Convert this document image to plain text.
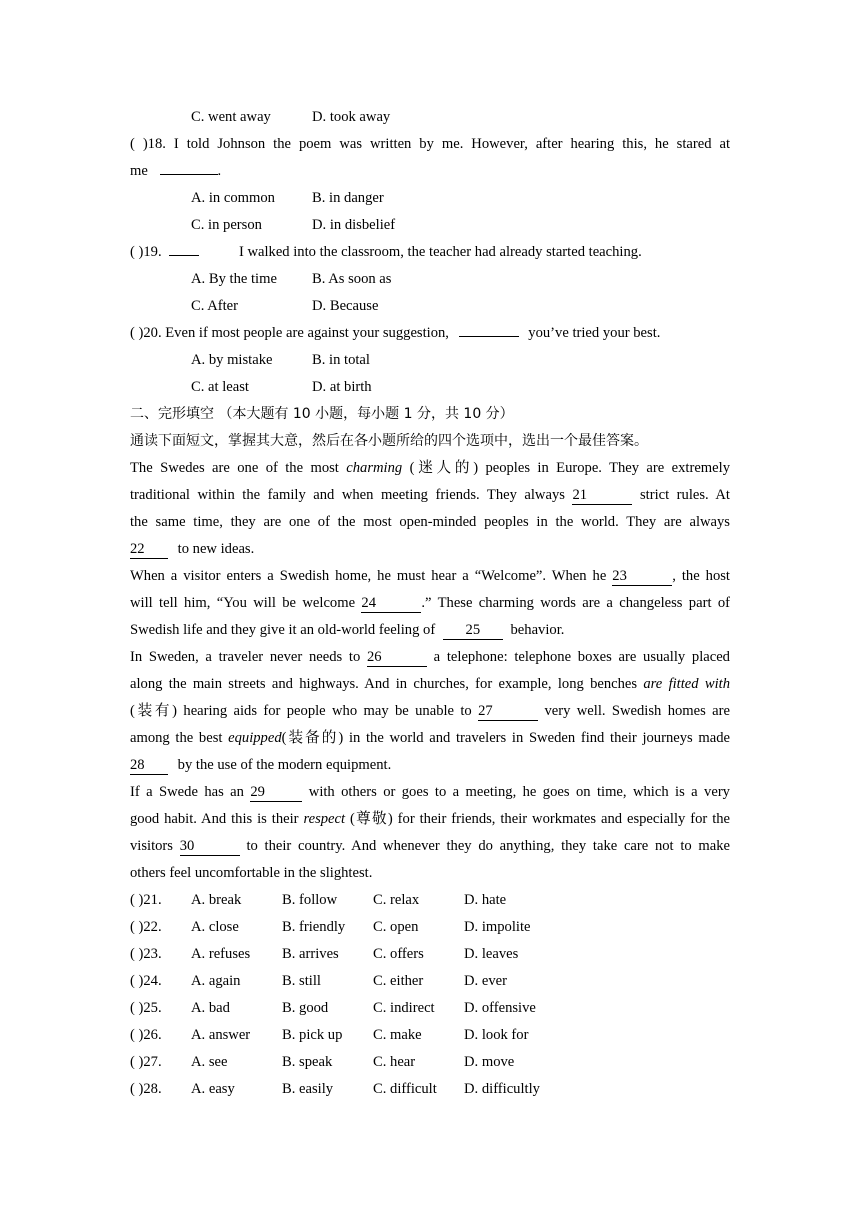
C. went away	D. took away
( )18. I told Johnson the poem was written by me. However, after hearing this, he stared at
me	.
A. in common	B. in danger
C. in person	D. in disbelief
( )19.	I walked into the classroom, the teacher had already started teaching.
A. By the time B. As soon as
C. After	D. Because
( )20. Even if most people are against your suggestion,	you’ve tried your best.
A. by mistake	B. in total
C. at least	D. at birth
二、完形填空 （本大题有 10 小题，每小题 1 分，共 10 分）
通读下面短文，掌握其大意，然后在各小题所给的四个选项中，选出一个最佳答案。
The Swedes are one of the most charming (迷人的) peoples in Europe. They are extremely
traditional within the family and when meeting friends. They always 21	strict rules. At
the same time, they are one of the most open-minded peoples in the world. They are always
22 to new ideas.
When a visitor enters a Swedish home, he must hear a “Welcome”. When he 23	, the host
will tell him, “You will be welcome 24	.” These charming words are a changeless part of
Swedish life and they give it an old-world feeling of 25 behavior.
In Sweden, a traveler never needs to 26	a telephone: telephone boxes are usually placed
along the main streets and highways. And in churches, for example, long benches are fitted with
(装有) hearing aids for people who may be unable to 27	very well. Swedish homes are
among the best equipped(装备的) in the world and travelers in Sweden find their journeys made
28 by the use of the modern equipment.
If a Swede has an 29	with others or goes to a meeting, he goes on time, which is a very
good habit. And this is their respect (尊敬) for their friends, their workmates and especially for the
visitors 30	to their country. And whenever they do anything, they take care not to make
others feel uncomfortable in the slightest.
( )21. A. break	B. follow C. relax	D. hate
( )22. A. close	B. friendly C. open	D. impolite
( )23. A. refuses B. arrives C. offers	D. leaves
( )24. A. again	B. still	C. either	D. ever
( )25. A. bad	B. good	C. indirect D. offensive
( )26. A. answer B. pick up C. make	D. look for
( )27. A. see	B. speak	C. hear	D. move
( )28. A. easy	B. easily	C. difficult D. difficultly
